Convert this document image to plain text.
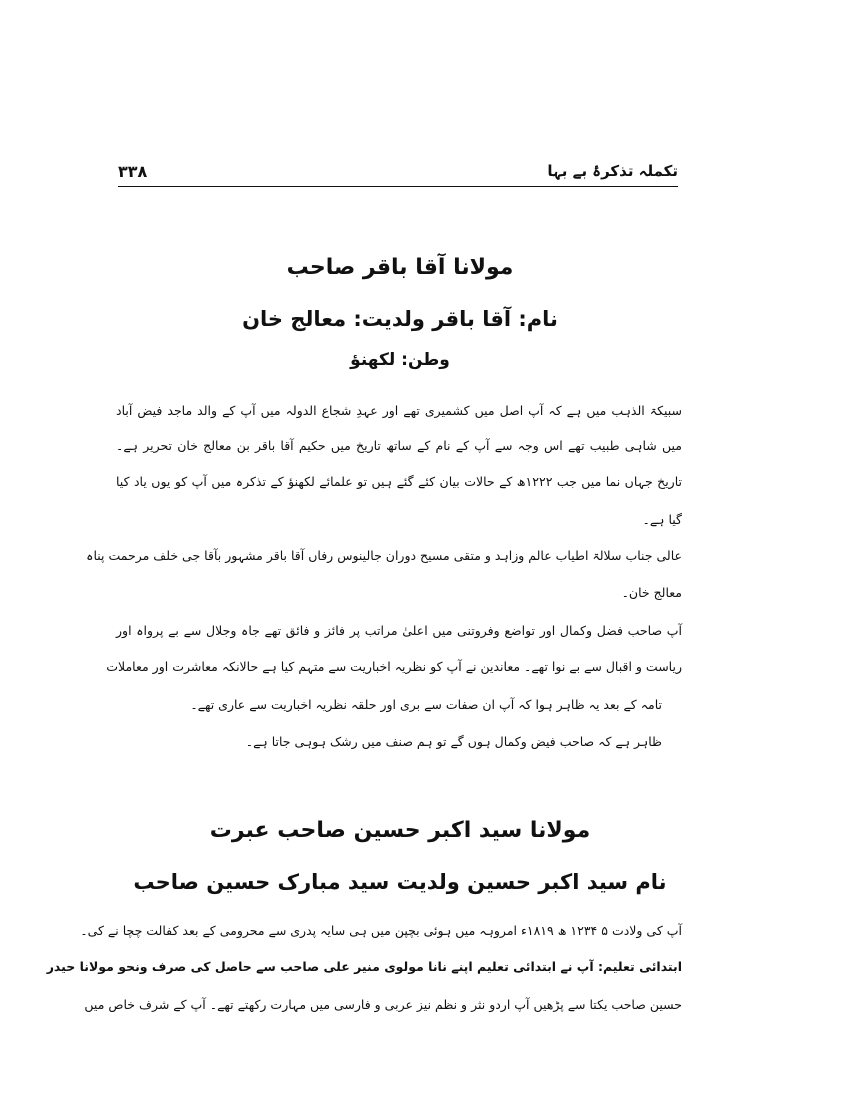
۳۳۸	تکملہ تذکرۂ بے بہا
مولانا آقا باقر صاحب
نام: آقا باقر ولدیت: معالج خان
وطن: لکھنؤ
سبیکۃ الذہب میں ہے کہ آپ اصل میں کشمیری تھے اور عہدِ شجاع الدولہ میں آپ کے والد ماجد فیض آباد
میں شاہی طبیب تھے اس وجہ سے آپ کے نام کے ساتھ تاریخ میں حکیم آقا باقر بن معالج خان تحریر ہے۔
تاریخ جہاں نما میں جب ۱۲۲۲ھ کے حالات بیان کئے گئے ہیں تو علمائے لکھنؤ کے تذکرہ میں آپ کو یوں یاد کیا
گیا ہے۔
عالی جناب سلالۃ اطیاب عالم وزاہد و متقی مسیح دوران جالینوس رفاں آقا باقر مشہور بآقا جی خلف مرحمت پناہ
معالج خان۔
آپ صاحب فضل وکمال اور تواضع وفروتنی میں اعلیٰ مراتب پر فائز و فائق تھے جاہ وجلال سے بے پرواہ اور
ریاست و اقبال سے بے نوا تھے۔ معاندین نے آپ کو نظریہ اخباریت سے متہم کیا ہے حالانکہ معاشرت اور معاملات
تامہ کے بعد یہ ظاہر ہوا کہ آپ ان صفات سے بری اور حلقہ نظریہ اخباریت سے عاری تھے۔
ظاہر ہے کہ صاحب فیض وکمال ہوں گے تو ہم صنف میں رشک ہوہی جاتا ہے۔
مولانا سید اکبر حسین صاحب عبرت
نام سید اکبر حسین ولدیت سید مبارک حسین صاحب
آپ کی ولادت ۵ ۱۲۳۴ ھ ۱۸۱۹ء امروہہ میں ہوئی بچپن میں ہی سایہ پدری سے محرومی کے بعد کفالت چچا نے کی۔
ابتدائی تعلیم: آپ نے ابتدائی تعلیم اپنے نانا مولوی منیر علی صاحب سے حاصل کی صرف ونحو مولانا حیدر
حسین صاحب یکتا سے پڑھیں آپ اردو نثر و نظم نیز عربی و فارسی میں مہارت رکھتے تھے۔ آپ کے شرف خاص میں
